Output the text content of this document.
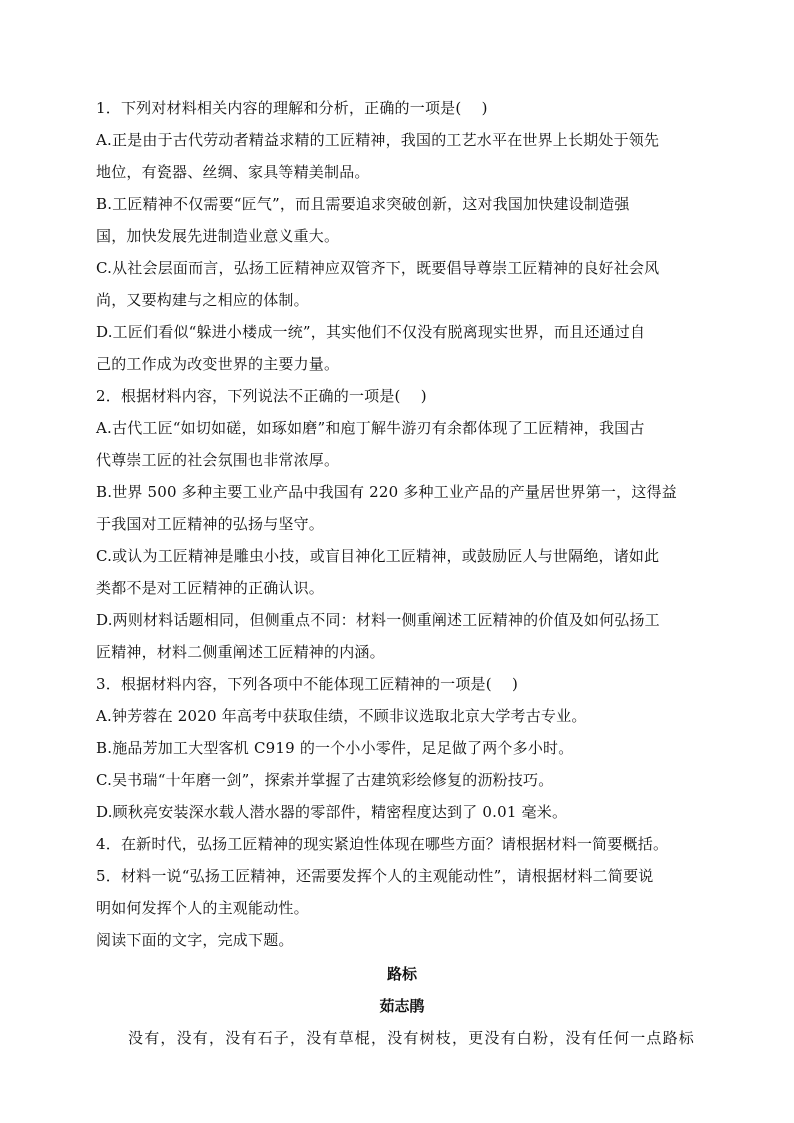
1．下列对材料相关内容的理解和分析，正确的一项是(　 )
A.正是由于古代劳动者精益求精的工匠精神，我国的工艺水平在世界上长期处于领先
地位，有瓷器、丝绸、家具等精美制品。
B.工匠精神不仅需要“匠气”，而且需要追求突破创新，这对我国加快建设制造强
国，加快发展先进制造业意义重大。
C.从社会层面而言，弘扬工匠精神应双管齐下，既要倡导尊崇工匠精神的良好社会风
尚，又要构建与之相应的体制。
D.工匠们看似“躲进小楼成一统”，其实他们不仅没有脱离现实世界，而且还通过自
己的工作成为改变世界的主要力量。
2．根据材料内容，下列说法不正确的一项是(　 )
A.古代工匠“如切如磋，如琢如磨”和庖丁解牛游刃有余都体现了工匠精神，我国古
代尊崇工匠的社会氛围也非常浓厚。
B.世界 500 多种主要工业产品中我国有 220 多种工业产品的产量居世界第一，这得益
于我国对工匠精神的弘扬与坚守。
C.或认为工匠精神是雕虫小技，或盲目神化工匠精神，或鼓励匠人与世隔绝，诸如此
类都不是对工匠精神的正确认识。
D.两则材料话题相同，但侧重点不同：材料一侧重阐述工匠精神的价值及如何弘扬工
匠精神，材料二侧重阐述工匠精神的内涵。
3．根据材料内容，下列各项中不能体现工匠精神的一项是(　 )
A.钟芳蓉在 2020 年高考中获取佳绩，不顾非议选取北京大学考古专业。
B.施品芳加工大型客机 C919 的一个小小零件，足足做了两个多小时。
C.吴书瑞“十年磨一剑”，探索并掌握了古建筑彩绘修复的沥粉技巧。
D.顾秋亮安装深水载人潜水器的零部件，精密程度达到了 0.01 毫米。
4．在新时代，弘扬工匠精神的现实紧迫性体现在哪些方面？请根据材料一简要概括。
5．材料一说“弘扬工匠精神，还需要发挥个人的主观能动性”，请根据材料二简要说
明如何发挥个人的主观能动性。
阅读下面的文字，完成下题。
路标
茹志鹃
没有，没有，没有石子，没有草棍，没有树枝，更没有白粉，没有任何一点路标
